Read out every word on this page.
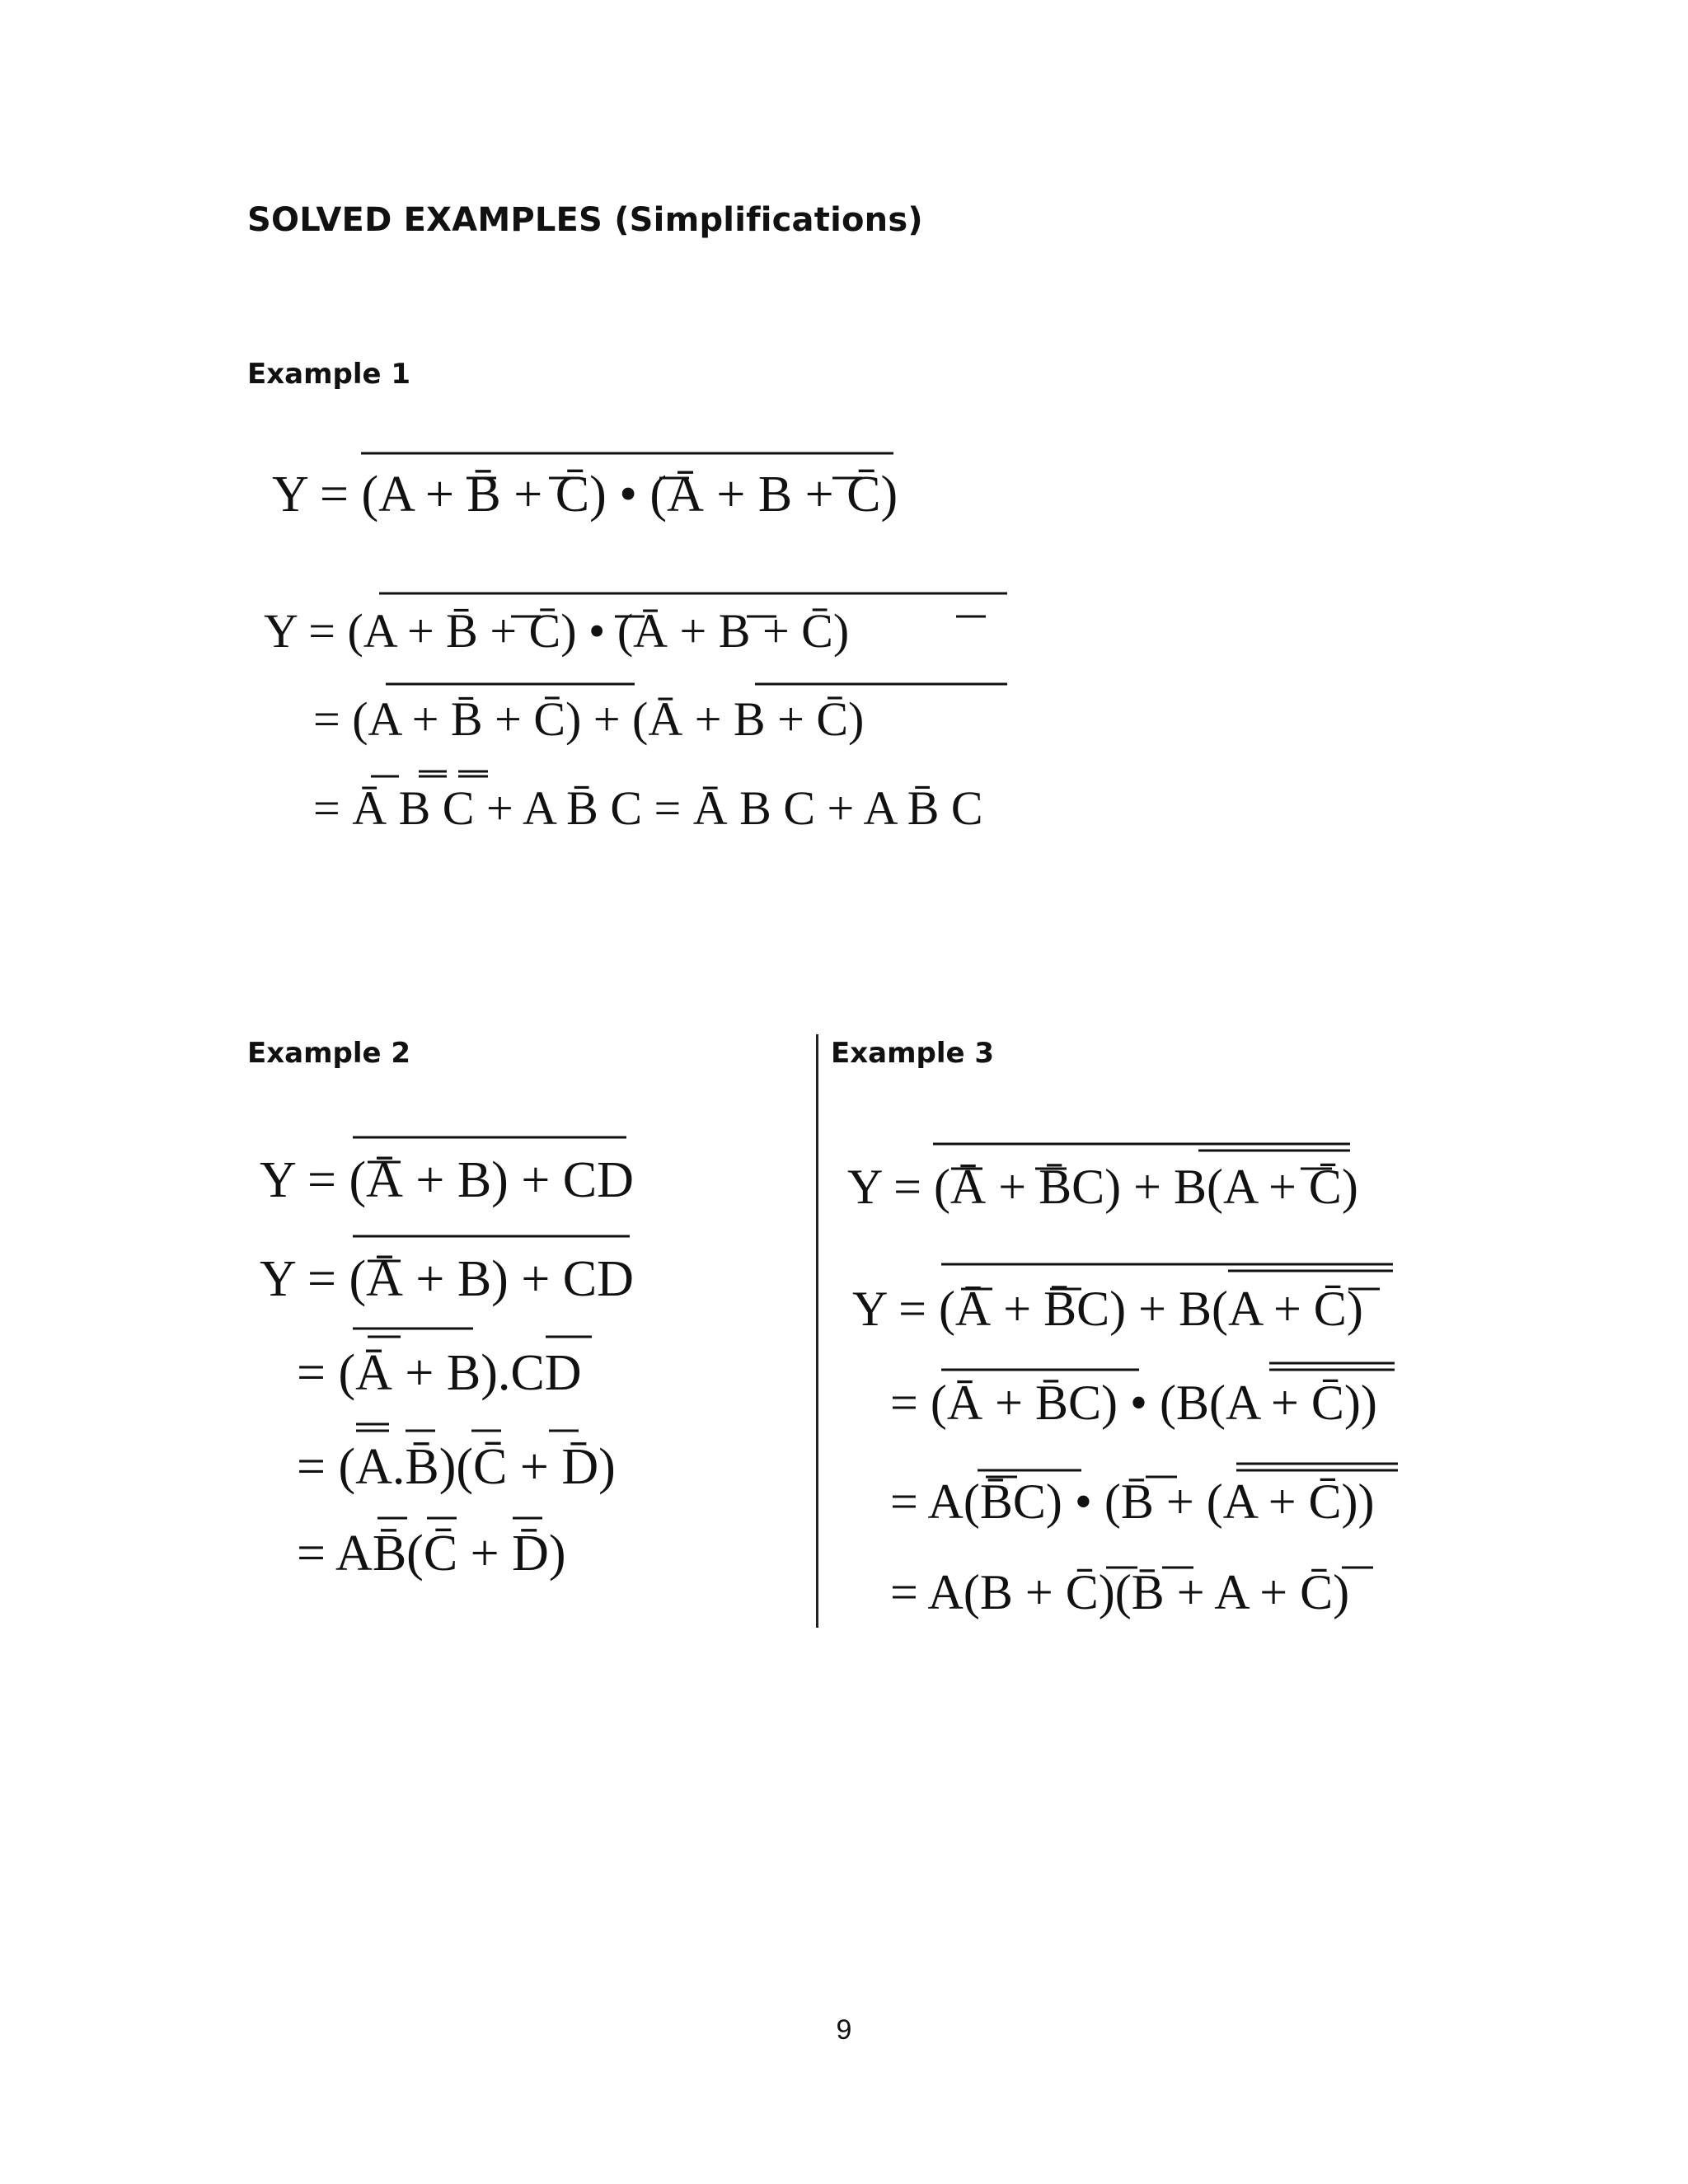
SOLVED EXAMPLES (Simplifications)
Example 1
Y = (A + B̄ + C̄) • (Ā + B + C̄)
Y = (A + B̄ + C̄) • (Ā + B + C̄)
= (A + B̄ + C̄) + (Ā + B + C̄)
= Ā B C + A B̄ C = Ā B C + A B̄ C
Example 2
Y = (Ā + B) + CD
Y = (Ā + B) + CD
= (Ā + B).CD
= (A.B̄)(C̄ + D̄)
= AB̄(C̄ + D̄)
Example 3
Y = (Ā + B̄C) + B(A + C̄)
Y = (Ā + B̄C) + B(A + C̄)
= (Ā + B̄C) • (B(A + C̄))
= A(B̄C) • (B̄ + (A + C̄))
= A(B + C̄)(B̄ + A + C̄)
9
